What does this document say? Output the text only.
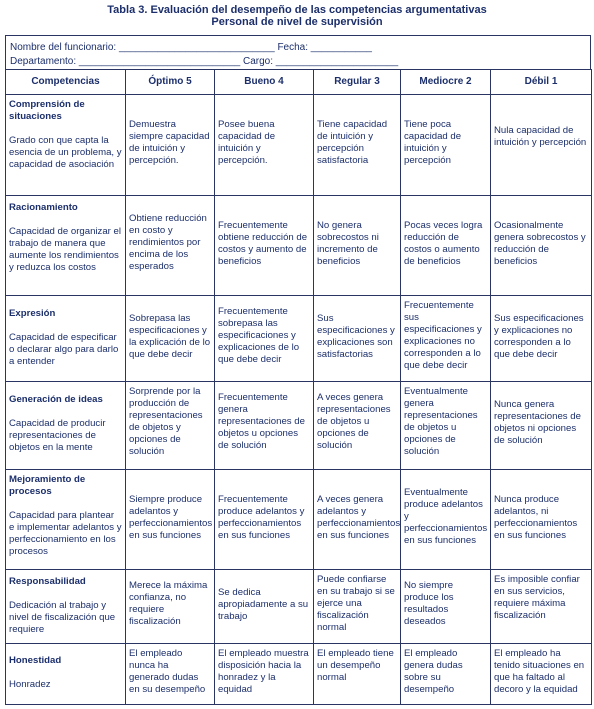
Tabla 3. Evaluación del desempeño de las competencias argumentativas
Personal de nivel de supervisión
Nombre del funcionario: ____________________________ Fecha: ___________
Departamento: _____________________________ Cargo: ______________________
Competencias	Óptimo 5	Bueno 4	Regular 3	Mediocre 2	Débil 1

Comprensión de situaciones
Grado con que capta la esencia de un problema, y capacidad de asociación	Demuestra siempre capacidad de intuición y percepción.	Posee buena capacidad de intuición y percepción.	Tiene capacidad de intuición y percepción satisfactoria	Tiene poca capacidad de intuición y percepción	Nula capacidad de intuición y percepción

Racionamiento
Capacidad de organizar el trabajo de manera que aumente los rendimientos y reduzca los costos	Obtiene reducción en costo y rendimientos por encima de los esperados	Frecuentemente obtiene reducción de costos y aumento de beneficios	No genera sobrecostos ni incremento de beneficios	Pocas veces logra reducción de costos o aumento de beneficios	Ocasionalmente genera sobrecostos y reducción de beneficios

Expresión
Capacidad de especificar o declarar algo para darlo a entender	Sobrepasa las especificaciones y la explicación de lo que debe decir	Frecuentemente sobrepasa las especificaciones y explicaciones de lo que debe decir	Sus especificaciones y explicaciones son satisfactorias	Frecuentemente sus especificaciones y explicaciones no corresponden a lo que debe decir	Sus especificaciones y explicaciones no corresponden a lo que debe decir

Generación de ideas
Capacidad de producir representaciones de objetos en la mente	Sorprende por la producción de representaciones de objetos y opciones de solución	Frecuentemente genera representaciones de objetos u opciones de solución	A veces genera representaciones de objetos u opciones de solución	Eventualmente genera representaciones de objetos u opciones de solución	Nunca genera representaciones de objetos ni opciones de solución

Mejoramiento de procesos
Capacidad para plantear e implementar adelantos y perfeccionamiento en los procesos	Siempre produce adelantos y perfeccionamientos en sus funciones	Frecuentemente produce adelantos y perfeccionamientos en sus funciones	A veces genera adelantos y perfeccionamientos en sus funciones	Eventualmente produce adelantos y perfeccionamientos en sus funciones	Nunca produce adelantos, ni perfeccionamientos en sus funciones

Responsabilidad
Dedicación al trabajo y nivel de fiscalización que requiere	Merece la máxima confianza, no requiere fiscalización	Se dedica apropiadamente a su trabajo	Puede confiarse en su trabajo si se ejerce una fiscalización normal	No siempre produce los resultados deseados	Es imposible confiar en sus servicios, requiere máxima fiscalización

Honestidad
Honradez	El empleado nunca ha generado dudas en su desempeño	El empleado muestra disposición hacia la honradez y la equidad	El empleado tiene un desempeño normal	El empleado genera dudas sobre su desempeño	El empleado ha tenido situaciones en que ha faltado al decoro y la equidad
